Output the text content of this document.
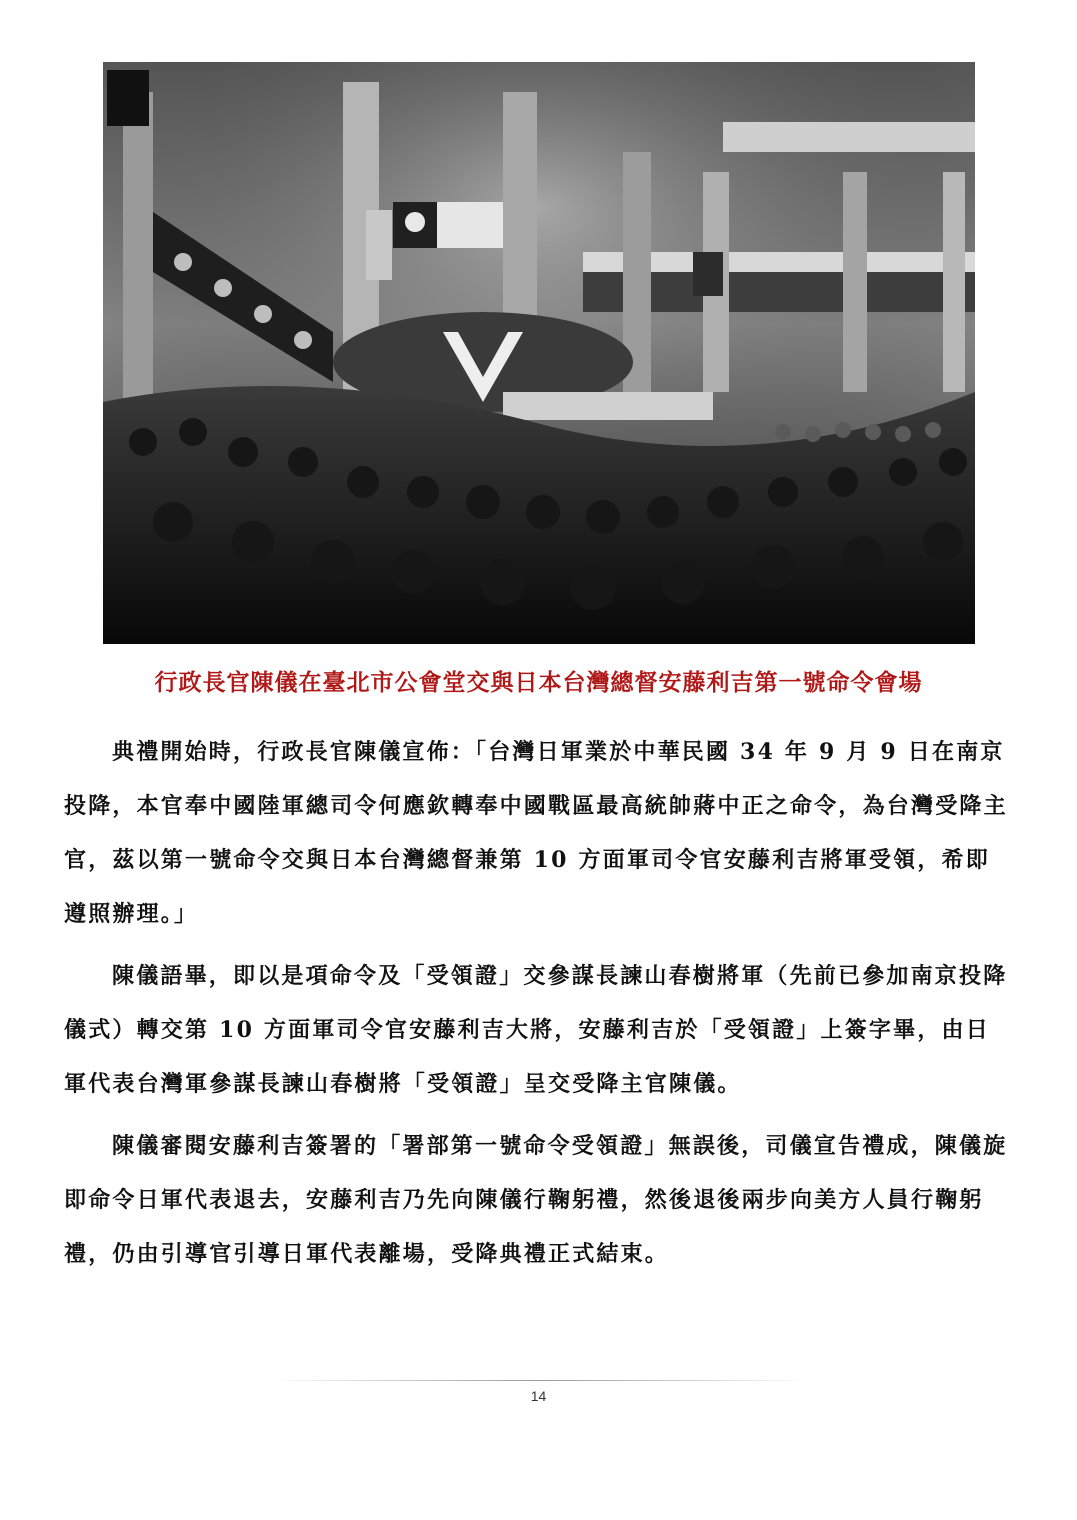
行政長官陳儀在臺北市公會堂交與日本台灣總督安藤利吉第一號命令會場

典禮開始時，行政長官陳儀宣佈：「台灣日軍業於中華民國 34 年 9 月 9 日在南京投降，本官奉中國陸軍總司令何應欽轉奉中國戰區最高統帥蔣中正之命令，為台灣受降主官，茲以第一號命令交與日本台灣總督兼第 10 方面軍司令官安藤利吉將軍受領，希即遵照辦理。」

陳儀語畢，即以是項命令及「受領證」交參謀長諫山春樹將軍（先前已參加南京投降儀式）轉交第 10 方面軍司令官安藤利吉大將，安藤利吉於「受領證」上簽字畢，由日軍代表台灣軍參謀長諫山春樹將「受領證」呈交受降主官陳儀。

陳儀審閱安藤利吉簽署的「署部第一號命令受領證」無誤後，司儀宣告禮成，陳儀旋即命令日軍代表退去，安藤利吉乃先向陳儀行鞠躬禮，然後退後兩步向美方人員行鞠躬禮，仍由引導官引導日軍代表離場，受降典禮正式結束。

14
